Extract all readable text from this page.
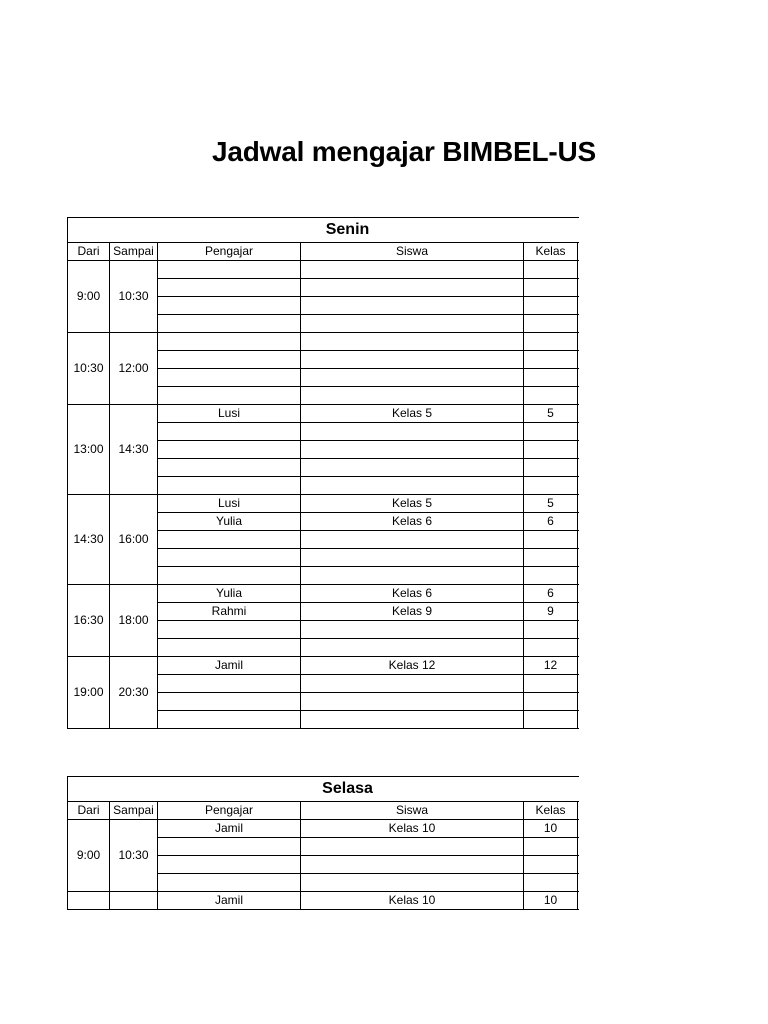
Jadwal mengajar BIMBEL-US
Senin					
Dari	Sampai	Pengajar	Siswa	Kelas	
9:00	10:30				

10:30	12:00				

13:00	14:30	Lusi	Kelas 5	5	

14:30	16:00	Lusi	Kelas 5	5	
		Yulia	Kelas 6	6	

16:30	18:00	Yulia	Kelas 6	6	
		Rahmi	Kelas 9	9	

19:00	20:30	Jamil	Kelas 12	12	

Selasa					
Dari	Sampai	Pengajar	Siswa	Kelas	
9:00	10:30	Jamil	Kelas 10	10	

		Jamil	Kelas 10	10	
